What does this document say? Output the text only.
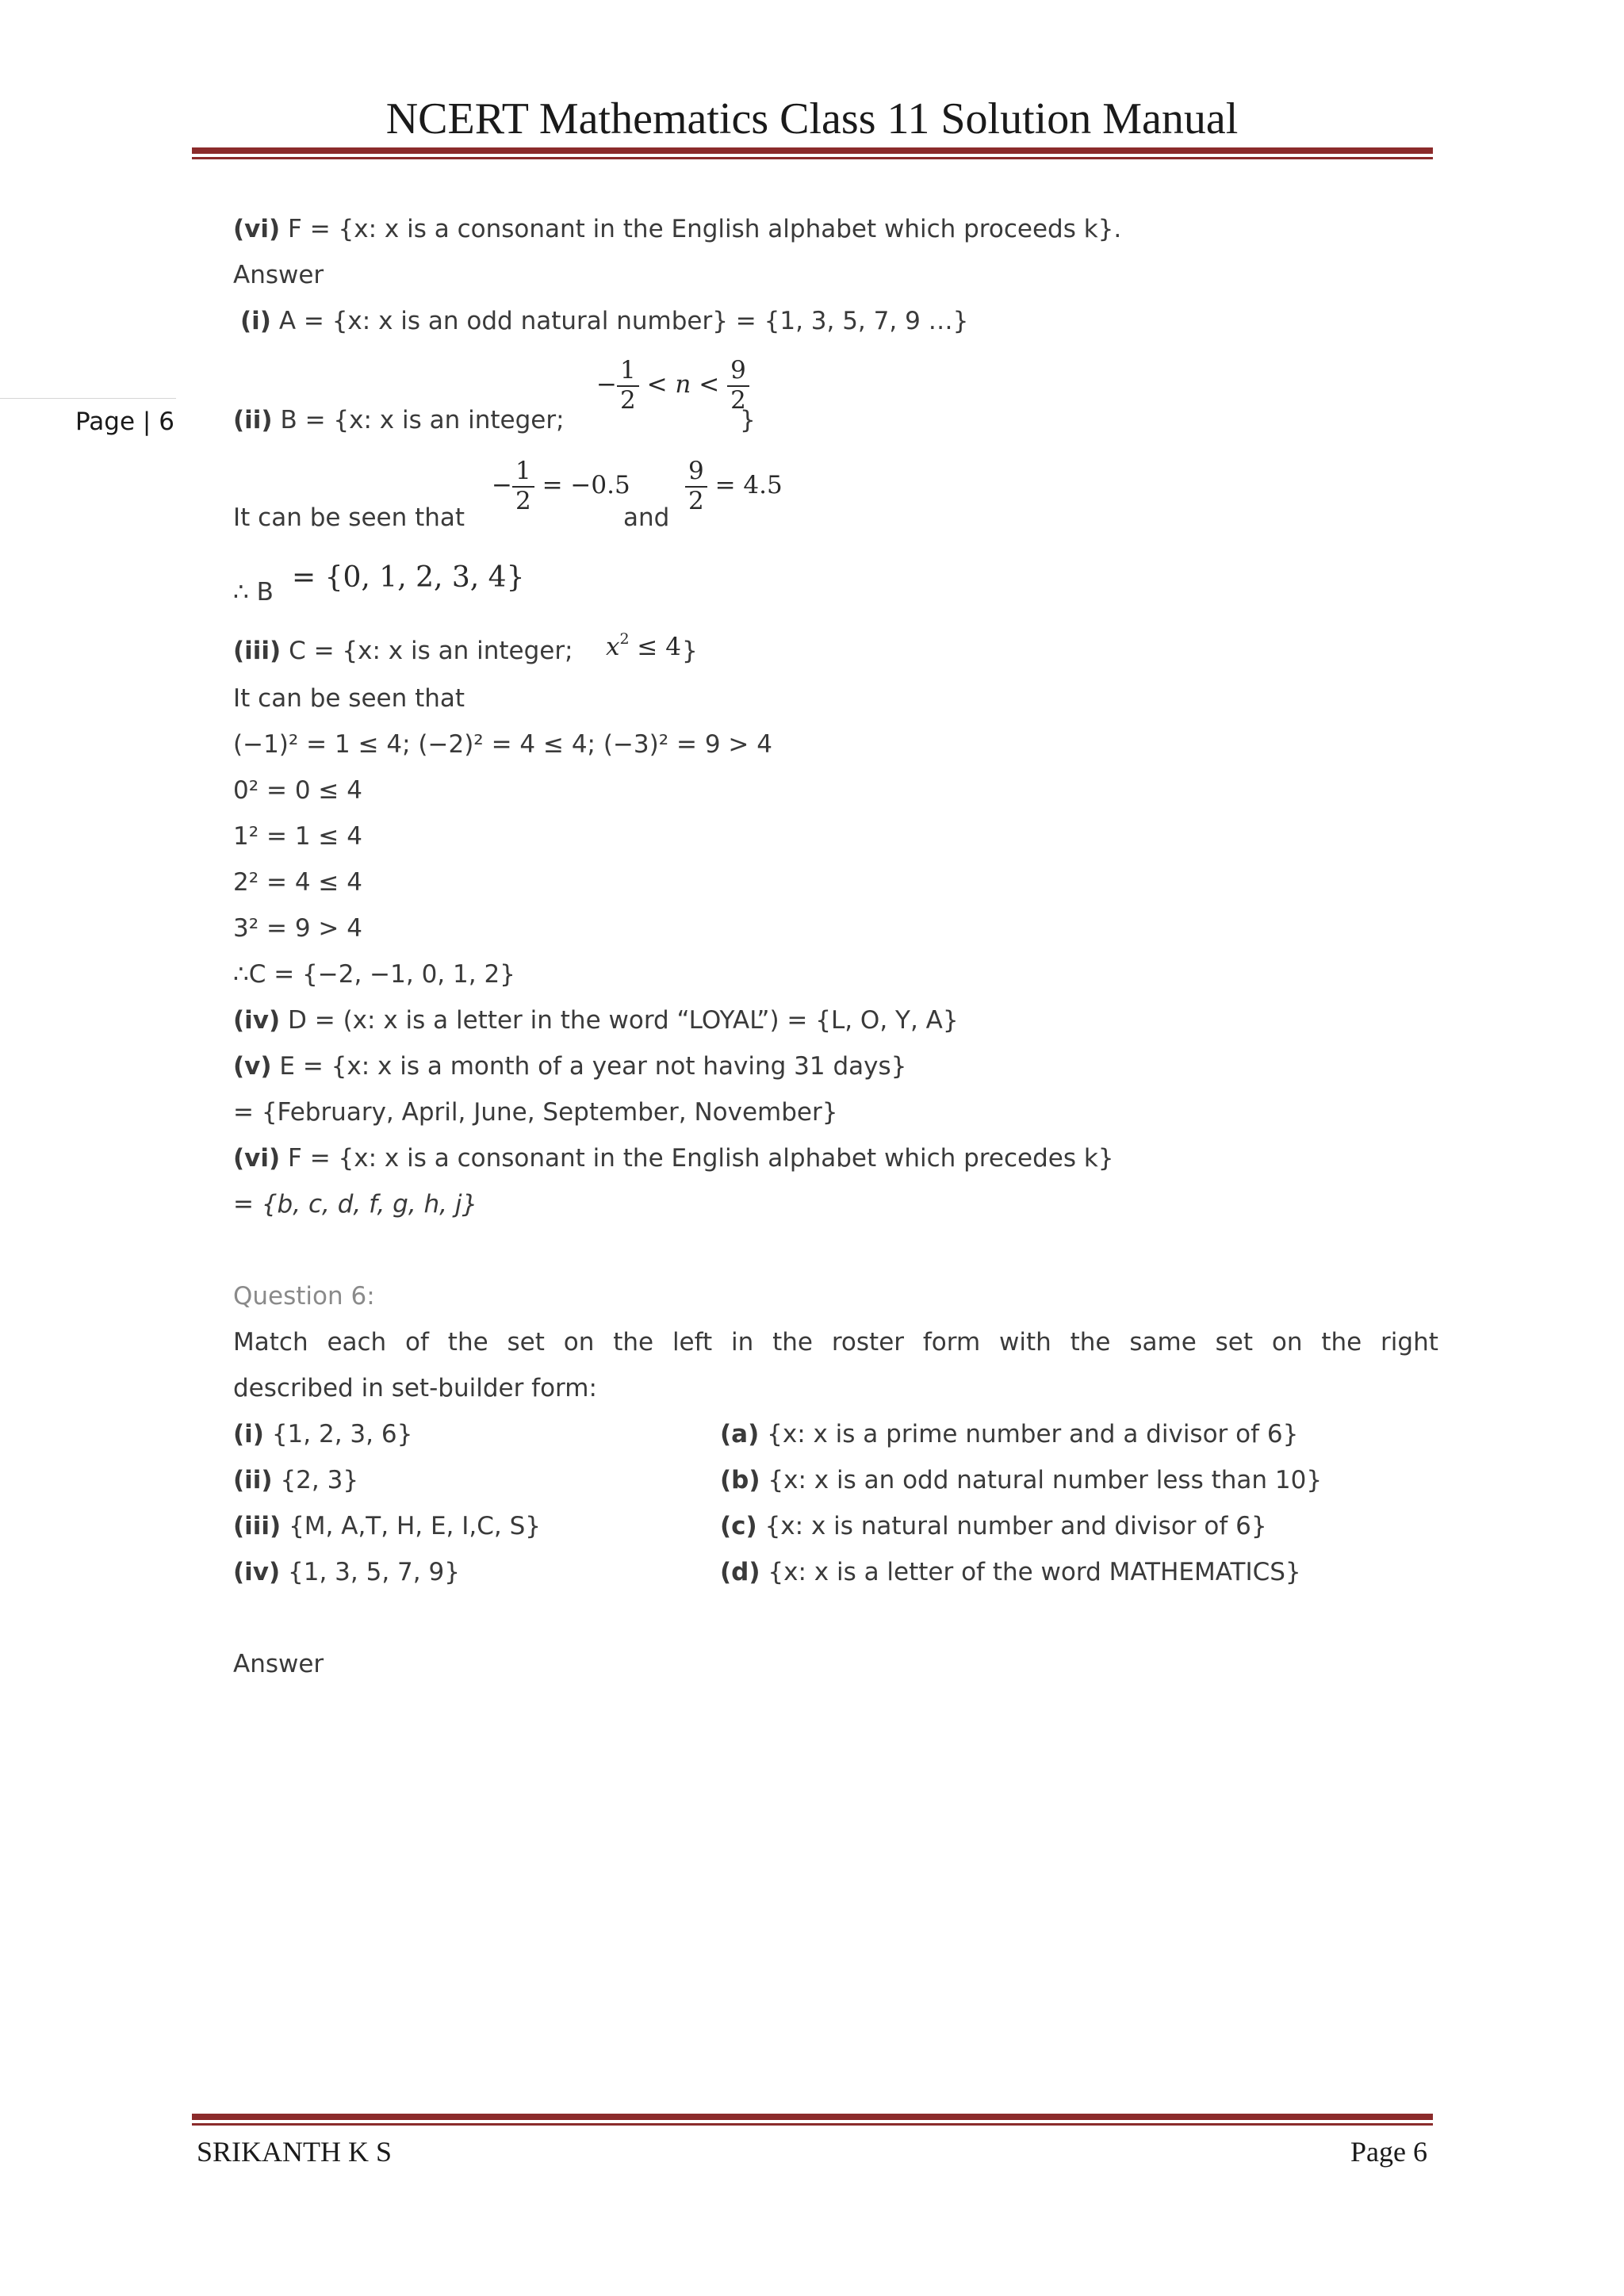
NCERT Mathematics Class 11 Solution Manual
Page | 6
(vi) F = {x: x is a consonant in the English alphabet which proceeds k}.
Answer
(i) A = {x: x is an odd natural number} = {1, 3, 5, 7, 9 …}
(ii) B = {x: x is an integer;
− $\frac{1}{2} < n < \frac{9}{2}$
}
It can be seen that
− $\frac{1}{2} = -0.5$
and
$\frac{9}{2} = 4.5$
∴ B = {0, 1, 2, 3, 4}
(iii) C = {x: x is an integer; $x^2 \le 4$ }
It can be seen that
(−1)² = 1 ≤ 4; (−2)² = 4 ≤ 4; (−3)² = 9 > 4
0² = 0 ≤ 4
1² = 1 ≤ 4
2² = 4 ≤ 4
3² = 9 > 4
∴C = {−2, −1, 0, 1, 2}
(iv) D = (x: x is a letter in the word “LOYAL”) = {L, O, Y, A}
(v) E = {x: x is a month of a year not having 31 days}
= {February, April, June, September, November}
(vi) F = {x: x is a consonant in the English alphabet which precedes k}
= {b, c, d, f, g, h, j}
Question 6:
Match each of the set on the left in the roster form with the same set on the right
described in set-builder form:
(i) {1, 2, 3, 6}
(ii) {2, 3}
(iii) {M, A,T, H, E, I,C, S}
(iv) {1, 3, 5, 7, 9}
(a) {x: x is a prime number and a divisor of 6}
(b) {x: x is an odd natural number less than 10}
(c) {x: x is natural number and divisor of 6}
(d) {x: x is a letter of the word MATHEMATICS}
Answer
SRIKANTH K S	Page 6
